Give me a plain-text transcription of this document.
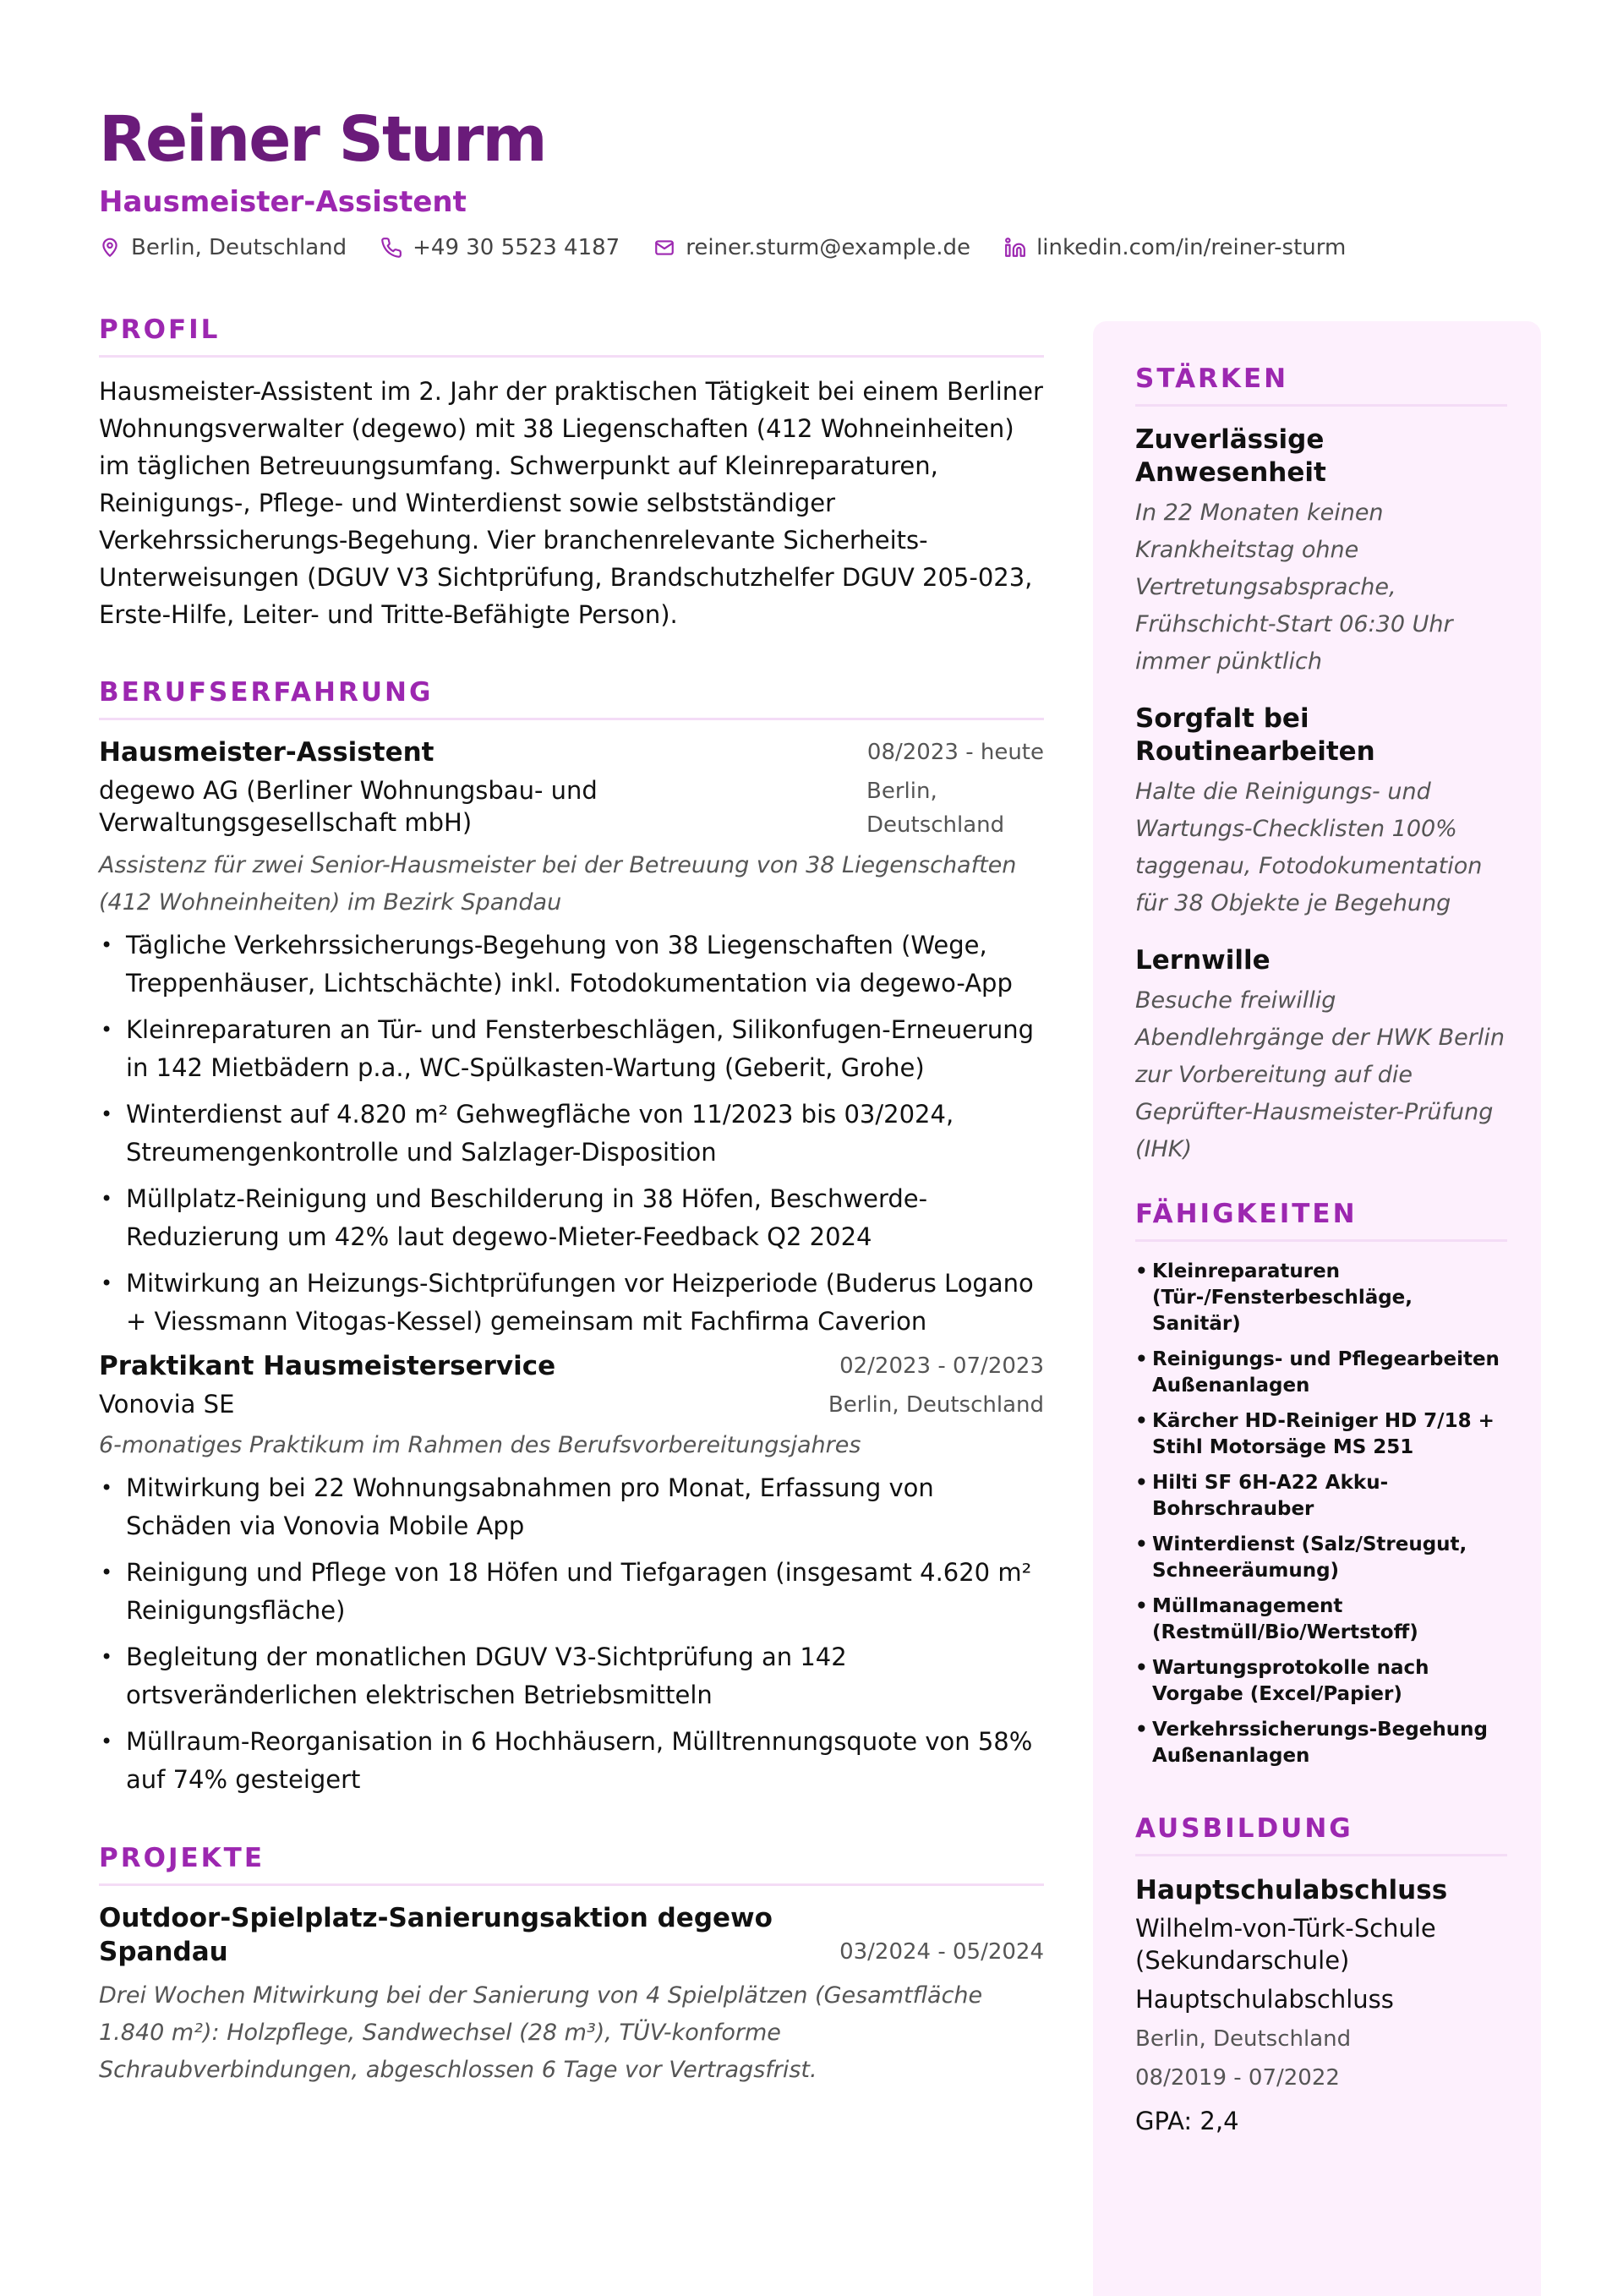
Reiner Sturm
Hausmeister-Assistent
Berlin, Deutschland	+49 30 5523 4187	reiner.sturm@example.de	linkedin.com/in/reiner-sturm
PROFIL

Hausmeister-Assistent im 2. Jahr der praktischen Tätigkeit bei einem Berliner Wohnungsverwalter (degewo) mit 38 Liegenschaften (412 Wohneinheiten) im täglichen Betreuungsumfang. Schwerpunkt auf Kleinreparaturen, Reinigungs-, Pflege- und Winterdienst sowie selbstständiger Verkehrssicherungs-Begehung. Vier branchenrelevante Sicherheits-Unterweisungen (DGUV V3 Sichtprüfung, Brandschutzhelfer DGUV 205-023, Erste-Hilfe, Leiter- und Tritte-Befähigte Person).

BERUFSERFAHRUNG
Hausmeister-Assistent	08/2023 - heute
degewo AG (Berliner Wohnungsbau- und Verwaltungsgesellschaft mbH)
Berlin, Deutschland
Assistenz für zwei Senior-Hausmeister bei der Betreuung von 38 Liegenschaften (412 Wohneinheiten) im Bezirk Spandau
• Tägliche Verkehrssicherungs-Begehung von 38 Liegenschaften (Wege, Treppenhäuser, Lichtschächte) inkl. Fotodokumentation via degewo-App
• Kleinreparaturen an Tür- und Fensterbeschlägen, Silikonfugen-Erneuerung in 142 Mietbädern p.a., WC-Spülkasten-Wartung (Geberit, Grohe)
• Winterdienst auf 4.820 m² Gehwegfläche von 11/2023 bis 03/2024, Streumengenkontrolle und Salzlager-Disposition
• Müllplatz-Reinigung und Beschilderung in 38 Höfen, Beschwerde-Reduzierung um 42% laut degewo-Mieter-Feedback Q2 2024
• Mitwirkung an Heizungs-Sichtprüfungen vor Heizperiode (Buderus Logano + Viessmann Vitogas-Kessel) gemeinsam mit Fachfirma Caverion
Praktikant Hausmeisterservice	02/2023 - 07/2023
Vonovia SE	Berlin, Deutschland
6-monatiges Praktikum im Rahmen des Berufsvorbereitungsjahres
• Mitwirkung bei 22 Wohnungsabnahmen pro Monat, Erfassung von Schäden via Vonovia Mobile App
• Reinigung und Pflege von 18 Höfen und Tiefgaragen (insgesamt 4.620 m² Reinigungsfläche)
• Begleitung der monatlichen DGUV V3-Sichtprüfung an 142 ortsveränderlichen elektrischen Betriebsmitteln
• Müllraum-Reorganisation in 6 Hochhäusern, Mülltrennungsquote von 58% auf 74% gesteigert
PROJEKTE
Outdoor-Spielplatz-Sanierungsaktion degewo Spandau	03/2024 - 05/2024
Drei Wochen Mitwirkung bei der Sanierung von 4 Spielplätzen (Gesamtfläche 1.840 m²): Holzpflege, Sandwechsel (28 m³), TÜV-konforme Schraubverbindungen, abgeschlossen 6 Tage vor Vertragsfrist.
STÄRKEN
Zuverlässige Anwesenheit
In 22 Monaten keinen Krankheitstag ohne Vertretungsabsprache, Frühschicht-Start 06:30 Uhr immer pünktlich
Sorgfalt bei Routinearbeiten
Halte die Reinigungs- und Wartungs-Checklisten 100% taggenau, Fotodokumentation für 38 Objekte je Begehung
Lernwille
Besuche freiwillig Abendlehrgänge der HWK Berlin zur Vorbereitung auf die Geprüfter-Hausmeister-Prüfung (IHK)
FÄHIGKEITEN
• Kleinreparaturen (Tür-/Fensterbeschläge, Sanitär)
• Reinigungs- und Pflegearbeiten Außenanlagen
• Kärcher HD-Reiniger HD 7/18 + Stihl Motorsäge MS 251
• Hilti SF 6H-A22 Akku-Bohrschrauber
• Winterdienst (Salz/Streugut, Schneeräumung)
• Müllmanagement (Restmüll/Bio/Wertstoff)
• Wartungsprotokolle nach Vorgabe (Excel/Papier)
• Verkehrssicherungs-Begehung Außenanlagen
AUSBILDUNG
Hauptschulabschluss
Wilhelm-von-Türk-Schule (Sekundarschule)
Hauptschulabschluss
Berlin, Deutschland
08/2019 - 07/2022
GPA: 2,4
